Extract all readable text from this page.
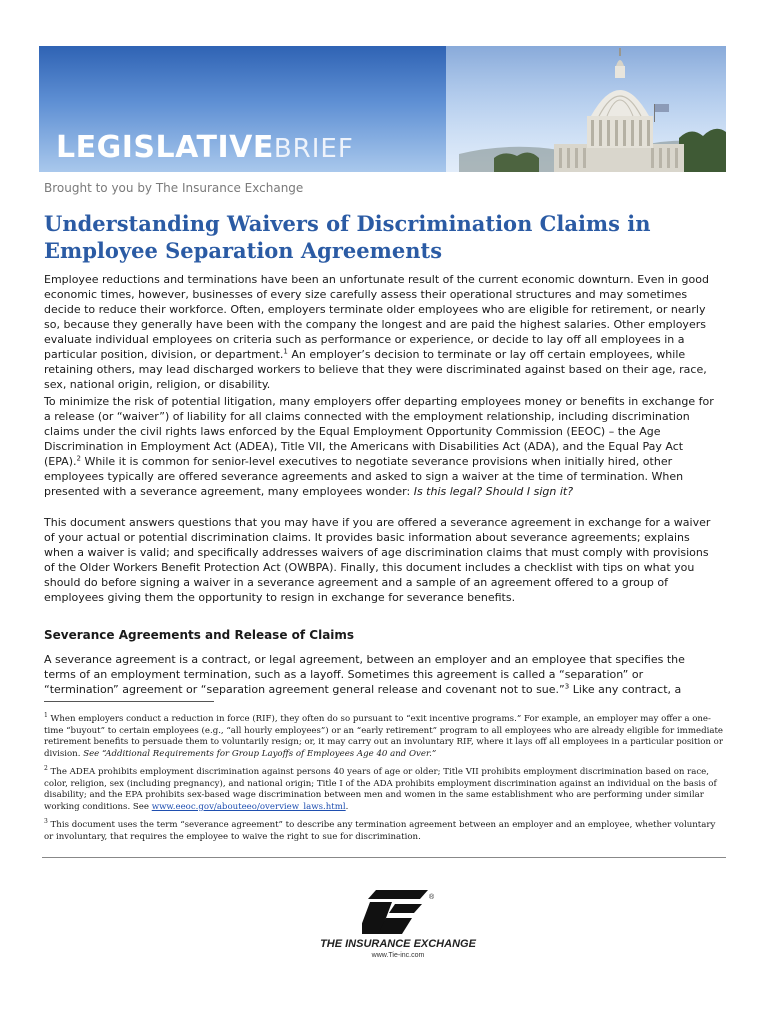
LEGISLATIVEBRIEF
Brought to you by The Insurance Exchange
Understanding Waivers of Discrimination Claims in Employee Separation Agreements

Employee reductions and terminations have been an unfortunate result of the current economic downturn. Even in good economic times, however, businesses of every size carefully assess their operational structures and may sometimes decide to reduce their workforce. Often, employers terminate older employees who are eligible for retirement, or nearly so, because they generally have been with the company the longest and are paid the highest salaries. Other employers evaluate individual employees on criteria such as performance or experience, or decide to lay off all employees in a particular position, division, or department.$^1$ An employer’s decision to terminate or lay off certain employees, while retaining others, may lead discharged workers to believe that they were discriminated against based on their age, race, sex, national origin, religion, or disability.

To minimize the risk of potential litigation, many employers offer departing employees money or benefits in exchange for a release (or “waiver”) of liability for all claims connected with the employment relationship, including discrimination claims under the civil rights laws enforced by the Equal Employment Opportunity Commission (EEOC) – the Age Discrimination in Employment Act (ADEA), Title VII, the Americans with Disabilities Act (ADA), and the Equal Pay Act (EPA).$^2$ While it is common for senior-level executives to negotiate severance provisions when initially hired, other employees typically are offered severance agreements and asked to sign a waiver at the time of termination. When presented with a severance agreement, many employees wonder: Is this legal? Should I sign it?

This document answers questions that you may have if you are offered a severance agreement in exchange for a waiver of your actual or potential discrimination claims. It provides basic information about severance agreements; explains when a waiver is valid; and specifically addresses waivers of age discrimination claims that must comply with provisions of the Older Workers Benefit Protection Act (OWBPA). Finally, this document includes a checklist with tips on what you should do before signing a waiver in a severance agreement and a sample of an agreement offered to a group of employees giving them the opportunity to resign in exchange for severance benefits.

Severance Agreements and Release of Claims

A severance agreement is a contract, or legal agreement, between an employer and an employee that specifies the terms of an employment termination, such as a layoff. Sometimes this agreement is called a “separation” or “termination” agreement or “separation agreement general release and covenant not to sue.”$^3$ Like any contract, a

$^1$ When employers conduct a reduction in force (RIF), they often do so pursuant to “exit incentive programs.” For example, an employer may offer a one-time “buyout” to certain employees (e.g., “all hourly employees”) or an “early retirement” program to all employees who are already eligible for immediate retirement benefits to persuade them to voluntarily resign; or, it may carry out an involuntary RIF, where it lays off all employees in a particular position or division. See “Additional Requirements for Group Layoffs of Employees Age 40 and Over.”

$^2$ The ADEA prohibits employment discrimination against persons 40 years of age or older; Title VII prohibits employment discrimination based on race, color, religion, sex (including pregnancy), and national origin; Title I of the ADA prohibits employment discrimination against an individual on the basis of disability; and the EPA prohibits sex-based wage discrimination between men and women in the same establishment who are performing under similar working conditions. See www.eeoc.gov/abouteeo/overview_laws.html.

$^3$ This document uses the term “severance agreement” to describe any termination agreement between an employer and an employee, whether voluntary or involuntary, that requires the employee to waive the right to sue for discrimination.

®
THE INSURANCE EXCHANGE
www.Tie-inc.com
